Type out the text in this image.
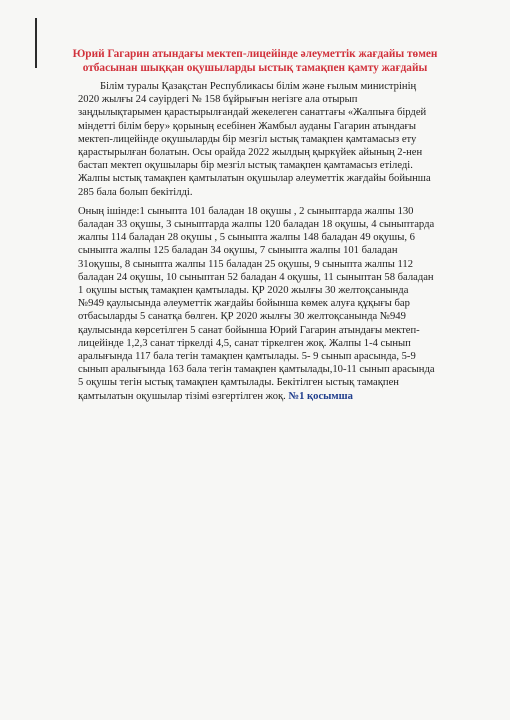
Юрий Гагарин атындағы мектеп-лицейінде әлеуметтік жағдайы төмен отбасынан шыққан оқушыларды ыстық тамақпен қамту жағдайы

Білім туралы Қазақстан Республикасы білім және ғылым министрінің 2020 жылғы 24 сәуірдегі № 158 бұйрығын негізге ала отырып заңдылықтарымен қарастырылғандай жекелеген санаттағы «Жалпыға бірдей міндетті білім беру» қорының есебінен Жамбыл ауданы Гагарин атындағы мектеп-лицейінде оқушыларды бір мезгіл ыстық тамақпен қамтамасыз ету қарастырылған болатын. Осы орайда 2022 жылдың қыркүйек айының 2-нен бастап мектеп оқушылары бір мезгіл ыстық тамақпен қамтамасыз етіледі. Жалпы ыстық тамақпен қамтылатын оқушылар әлеуметтік жағдайы бойынша 285 бала болып бекітілді.

Оның ішінде:1 сыныпта 101 баладан 18 оқушы , 2 сыныптарда жалпы 130 баладан 33 оқушы, 3 сыныптарда жалпы 120 баладан 18 оқушы, 4 сыныптарда жалпы 114 баладан 28 оқушы , 5 сыныпта жалпы 148 баладан 49 оқушы, 6 сыныпта жалпы 125 баладан 34 оқушы, 7 сыныпта жалпы 101 баладан 31оқушы, 8 сыныпта жалпы 115 баладан 25 оқушы, 9 сыныпта жалпы 112 баладан 24 оқушы, 10 сыныптан 52 баладан 4 оқушы, 11 сыныптан 58 баладан 1 оқушы ыстық тамақпен қамтылады. ҚР 2020 жылғы 30 желтоқсанында №949 қаулысында әлеуметтік жағдайы бойынша көмек алуға құқығы бар отбасыларды 5 санатқа бөлген. ҚР 2020 жылғы 30 желтоқсанында №949 қаулысында көрсетілген 5 санат бойынша Юрий Гагарин атындағы мектеп-лицейінде 1,2,3 санат тіркелді 4,5, санат тіркелген жоқ. Жалпы 1-4 сынып аралығында 117 бала тегін тамақпен қамтылады. 5- 9 сынып арасында, 5-9 сынып аралығында 163 бала тегін тамақпен қамтылады,10-11 сынып арасында 5 оқушы тегін ыстық тамақпен қамтылады. Бекітілген ыстық тамақпен қамтылатын оқушылар тізімі өзгертілген жоқ. №1 қосымша
